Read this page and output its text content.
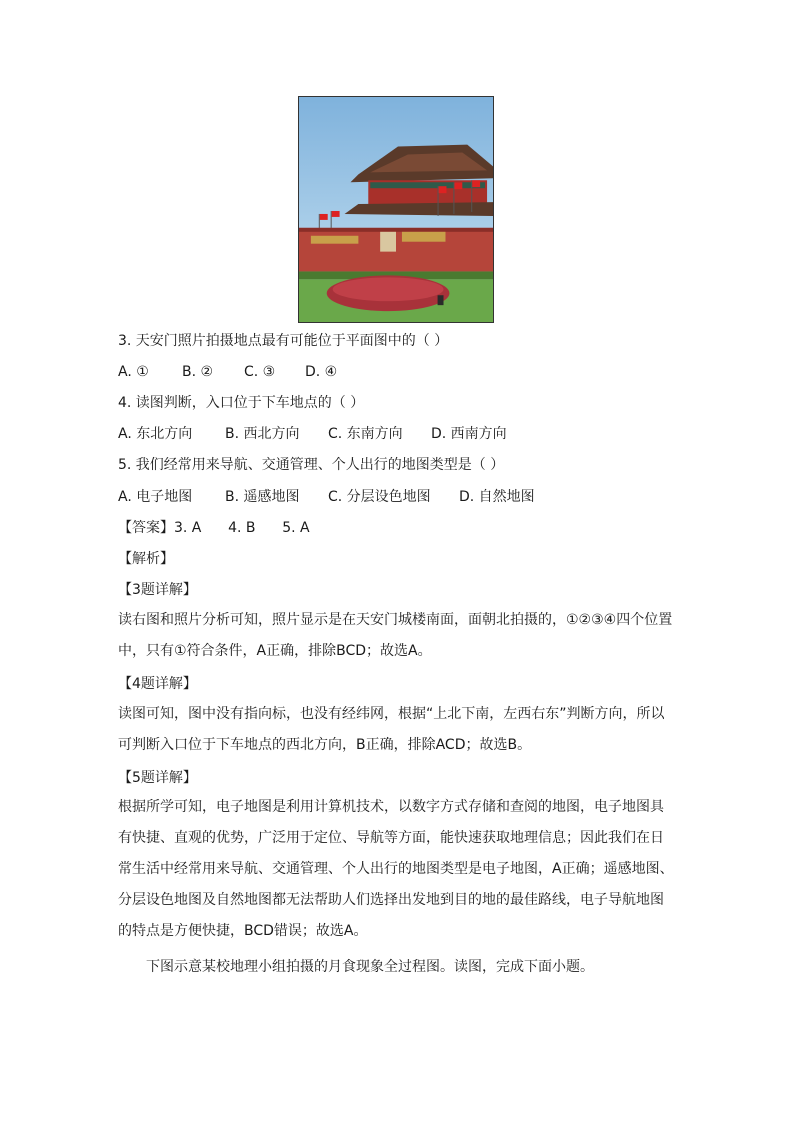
3. 天安门照片拍摄地点最有可能位于平面图中的（ ）
A. ① B. ② C. ③ D. ④
4. 读图判断，入口位于下车地点的（ ）
A. 东北方向 B. 西北方向 C. 东南方向 D. 西南方向
5. 我们经常用来导航、交通管理、个人出行的地图类型是（ ）
A. 电子地图 B. 遥感地图 C. 分层设色地图 D. 自然地图
【答案】3. A      4. B      5. A
【解析】
【3题详解】
读右图和照片分析可知，照片显示是在天安门城楼南面，面朝北拍摄的，①②③④四个位置中，只有①符合条件，A正确，排除BCD；故选A。
【4题详解】
读图可知，图中没有指向标，也没有经纬网，根据“上北下南，左西右东”判断方向，所以可判断入口位于下车地点的西北方向，B正确，排除ACD；故选B。
【5题详解】
根据所学可知，电子地图是利用计算机技术，以数字方式存储和查阅的地图，电子地图具有快捷、直观的优势，广泛用于定位、导航等方面，能快速获取地理信息；因此我们在日常生活中经常用来导航、交通管理、个人出行的地图类型是电子地图，A正确；遥感地图、分层设色地图及自然地图都无法帮助人们选择出发地到目的地的最佳路线，电子导航地图的特点是方便快捷，BCD错误；故选A。
下图示意某校地理小组拍摄的月食现象全过程图。读图，完成下面小题。
